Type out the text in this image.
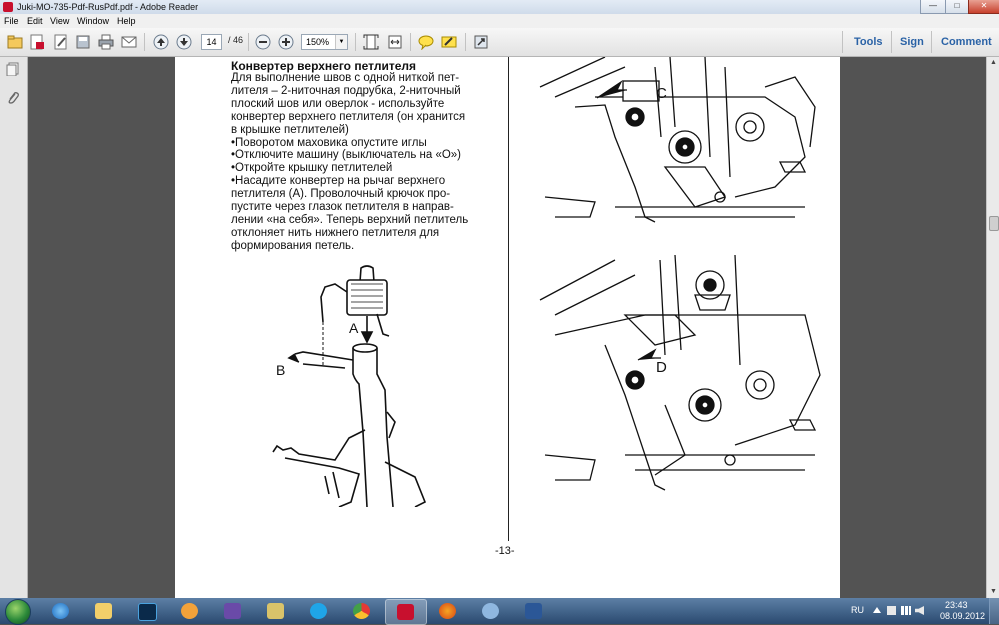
Juki-MO-735-Pdf-RusPdf.pdf - Adobe Reader	—	□	✕
File Edit View Window Help
14	/ 46	150%	▼	Tools Sign Comment
Конвертер верхнего петлителя
Для выполнение швов с одной ниткой пет-
лителя – 2-ниточная подрубка, 2-ниточный
плоский шов или оверлок - используйте
конвертер верхнего петлителя (он хранится
в крышке петлителей)
•Поворотом маховика опустите иглы
•Отключите машину (выключатель на «О»)
•Откройте крышку петлителей
•Насадите конвертер на рычаг верхнего
петлителя (А). Проволочный крючок про-
пустите через глазок петлителя в направ-
лении «на себя». Теперь верхний петлитель
отклоняет нить нижнего петлителя для
формирования петель.
A
B
C
D
-13-
▲
▼
RU	23:43
08.09.2012
